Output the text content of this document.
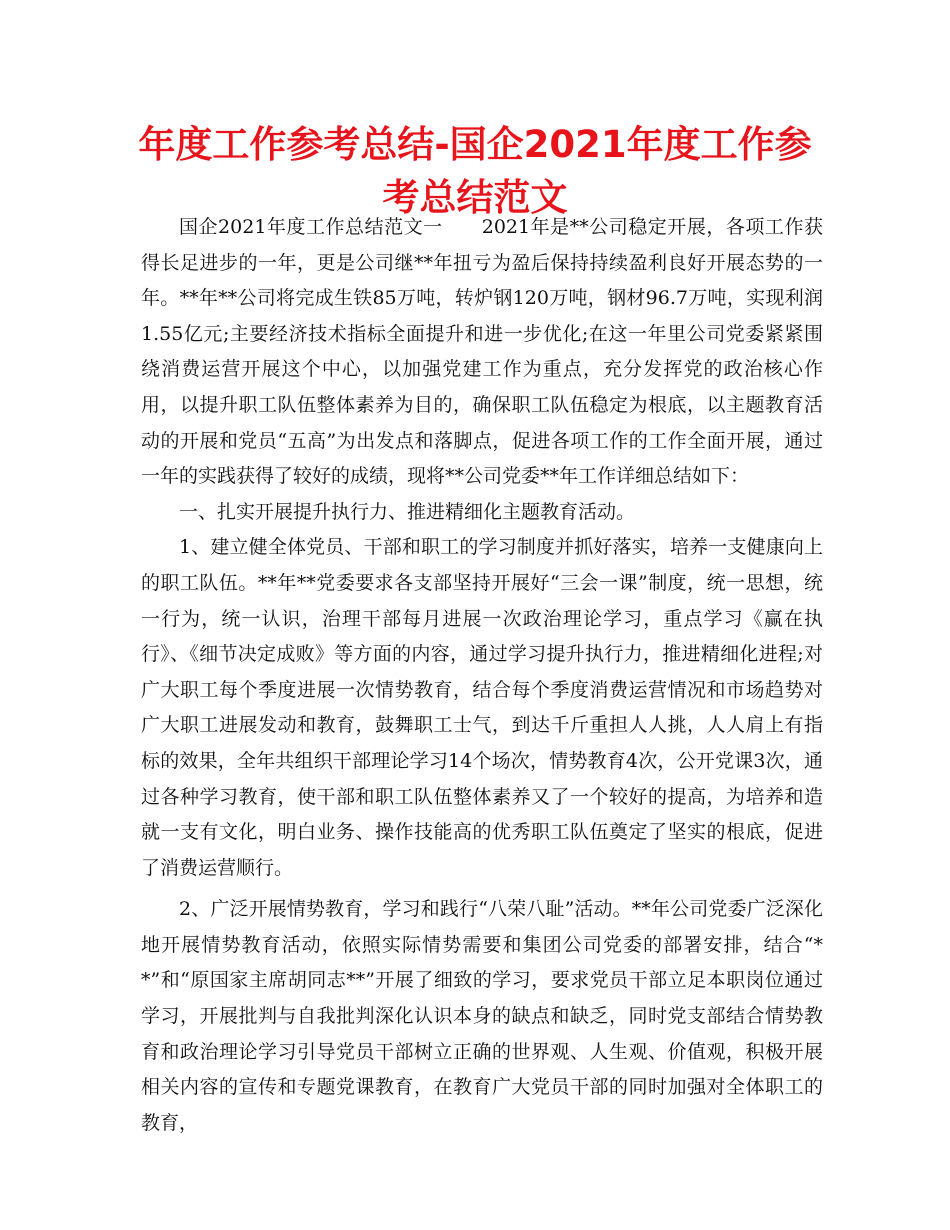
年度工作参考总结-国企2021年度工作参考总结范文

国企2021年度工作总结范文一　　2021年是**公司稳定开展，各项工作获得长足进步的一年，更是公司继**年扭亏为盈后保持持续盈利良好开展态势的一年。**年**公司将完成生铁85万吨，转炉钢120万吨，钢材96.7万吨，实现利润1.55亿元;主要经济技术指标全面提升和进一步优化;在这一年里公司党委紧紧围绕消费运营开展这个中心，以加强党建工作为重点，充分发挥党的政治核心作用，以提升职工队伍整体素养为目的，确保职工队伍稳定为根底，以主题教育活动的开展和党员“五高”为出发点和落脚点，促进各项工作的工作全面开展，通过一年的实践获得了较好的成绩，现将**公司党委**年工作详细总结如下：

一、扎实开展提升执行力、推进精细化主题教育活动。

1、建立健全体党员、干部和职工的学习制度并抓好落实，培养一支健康向上的职工队伍。**年**党委要求各支部坚持开展好“三会一课”制度，统一思想，统一行为，统一认识，治理干部每月进展一次政治理论学习，重点学习《赢在执行》、《细节决定成败》等方面的内容，通过学习提升执行力，推进精细化进程;对广大职工每个季度进展一次情势教育，结合每个季度消费运营情况和市场趋势对广大职工进展发动和教育，鼓舞职工士气，到达千斤重担人人挑，人人肩上有指标的效果，全年共组织干部理论学习14个场次，情势教育4次，公开党课3次，通过各种学习教育，使干部和职工队伍整体素养又了一个较好的提高，为培养和造就一支有文化，明白业务、操作技能高的优秀职工队伍奠定了坚实的根底，促进了消费运营顺行。

2、广泛开展情势教育，学习和践行“八荣八耻”活动。**年公司党委广泛深化地开展情势教育活动，依照实际情势需要和集团公司党委的部署安排，结合“**”和“原国家主席胡同志**”开展了细致的学习，要求党员干部立足本职岗位通过学习，开展批判与自我批判深化认识本身的缺点和缺乏，同时党支部结合情势教育和政治理论学习引导党员干部树立正确的世界观、人生观、价值观，积极开展相关内容的宣传和专题党课教育，在教育广大党员干部的同时加强对全体职工的教育，
